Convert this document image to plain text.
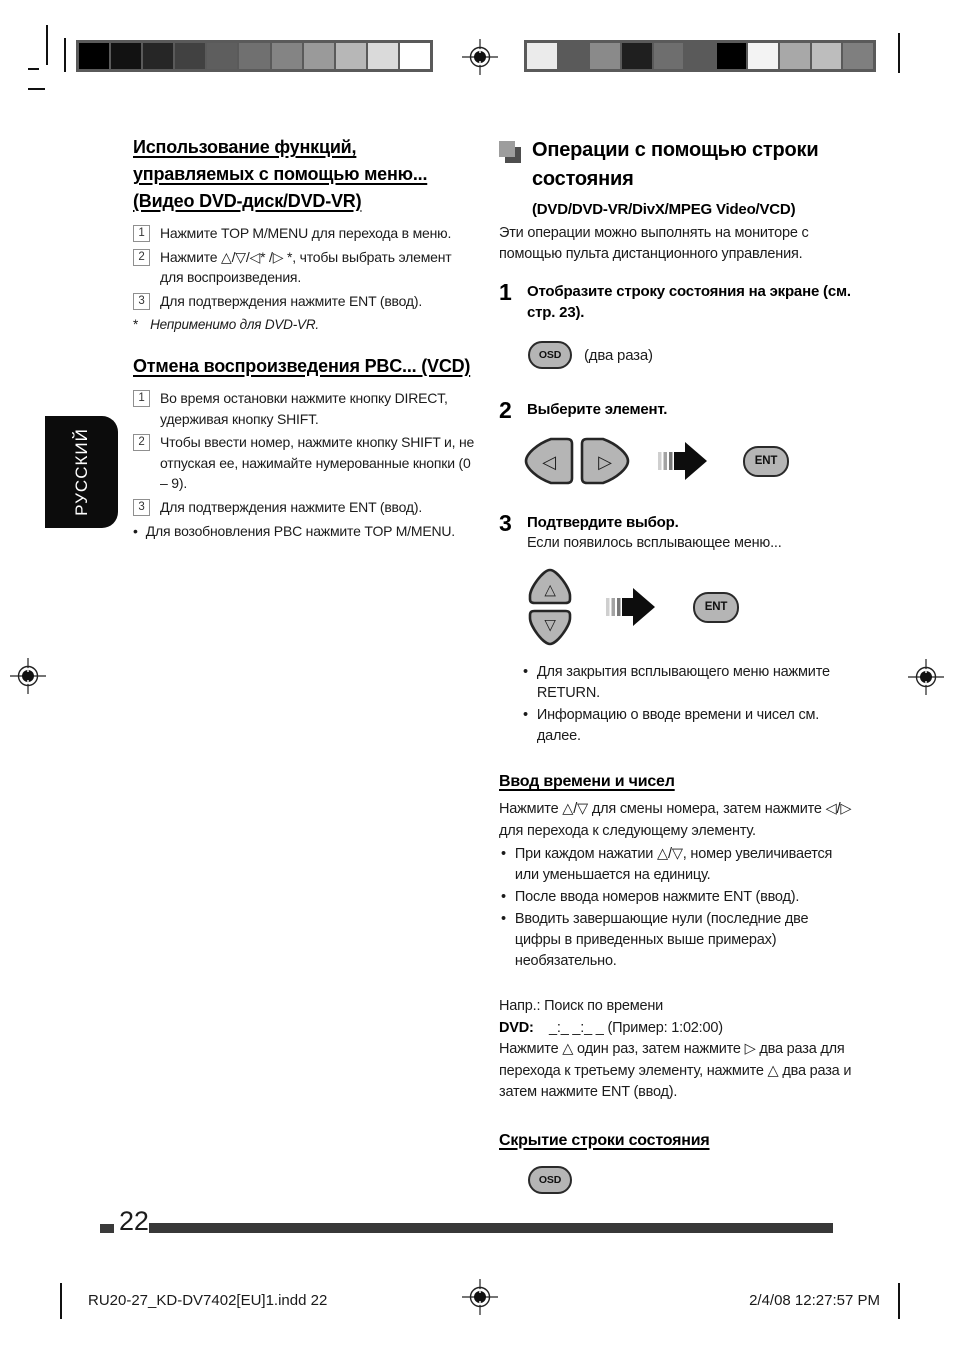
РУССКИЙ
Использование функций, управляемых с помощью меню... (Видео DVD-диск/DVD-VR)
1	Нажмите TOP M/MENU для перехода в меню.
2	Нажмите △/▽/◁* /▷ *, чтобы выбрать элемент для воспроизведения.
3	Для подтверждения нажмите ENT (ввод).
* Неприменимо для DVD-VR.
Отмена воспроизведения PBC... (VCD)
1	Во время остановки нажмите кнопку DIRECT, удерживая кнопку SHIFT.
2	Чтобы ввести номер, нажмите кнопку SHIFT и, не отпуская ее, нажимайте нумерованные кнопки (0 – 9).
3	Для подтверждения нажмите ENT (ввод).
• Для возобновления PBC нажмите TOP M/MENU.
Операции с помощью строки состояния
(DVD/DVD-VR/DivX/MPEG Video/VCD)
Эти операции можно выполнять на мониторе с помощью пульта дистанционного управления.
1	Отобразите строку состояния на экране (см. стр. 23).
OSD	(два раза)
2	Выберите элемент.
◁ ▷	ENT
3	Подтвердите выбор.
Если появилось всплывающее меню...
△
▽
ENT
• Для закрытия всплывающего меню нажмите RETURN.
• Информацию о вводе времени и чисел см. далее.
Ввод времени и чисел
Нажмите △/▽ для смены номера, затем нажмите ◁/▷ для перехода к следующему элементу.
• При каждом нажатии △/▽, номер увеличивается или уменьшается на единицу.
• После ввода номеров нажмите ENT (ввод).
• Вводить завершающие нули (последние две цифры в приведенных выше примерах) необязательно.
Напр.: Поиск по времени
DVD: _:_ _:_ _ (Пример: 1:02:00)
Нажмите △ один раз, затем нажмите ▷ два раза для перехода к третьему элементу, нажмите △ два раза и затем нажмите ENT (ввод).
Скрытие строки состояния
OSD
22
RU20-27_KD-DV7402[EU]1.indd 22	2/4/08 12:27:57 PM
